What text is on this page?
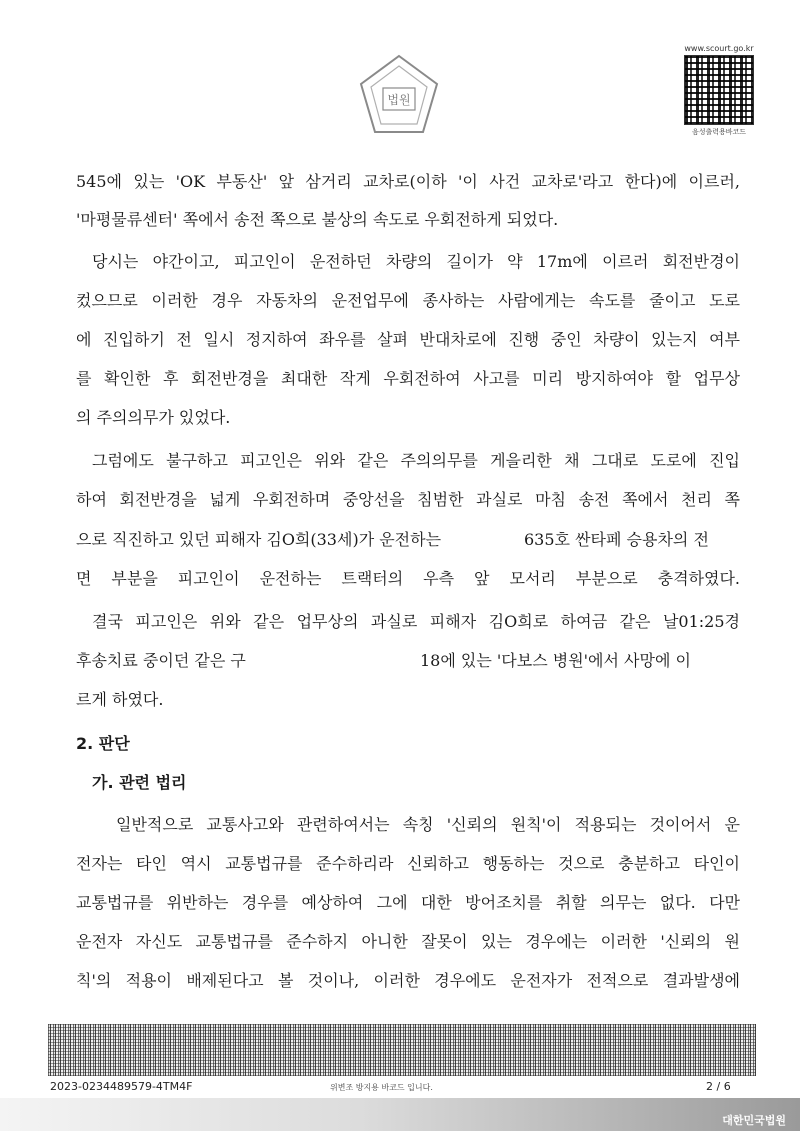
법원
www.scourt.go.kr
음성출력용바코드
545에 있는 'OK 부동산' 앞 삼거리 교차로(이하 '이 사건 교차로'라고 한다)에 이르러,
'마평물류센터' 쪽에서 송전 쪽으로 불상의 속도로 우회전하게 되었다.
당시는 야간이고, 피고인이 운전하던 차량의 길이가 약 17m에 이르러 회전반경이
컸으므로 이러한 경우 자동차의 운전업무에 종사하는 사람에게는 속도를 줄이고 도로
에 진입하기 전 일시 정지하여 좌우를 살펴 반대차로에 진행 중인 차량이 있는지 여부
를 확인한 후 회전반경을 최대한 작게 우회전하여 사고를 미리 방지하여야 할 업무상
의 주의의무가 있었다.
그럼에도 불구하고 피고인은 위와 같은 주의의무를 게을리한 채 그대로 도로에 진입
하여 회전반경을 넓게 우회전하며 중앙선을 침범한 과실로 마침 송전 쪽에서 천리 쪽
으로 직진하고 있던 피해자 김O희(33세)가 운전하는	635호 싼타페 승용차의 전
면 부분을 피고인이 운전하는 트랙터의 우측 앞 모서리 부분으로 충격하였다.
결국 피고인은 위와 같은 업무상의 과실로 피해자 김O희로 하여금 같은 날01:25경
후송치료 중이던 같은 구	18에 있는 '다보스 병원'에서 사망에 이
르게 하였다.
2. 판단
가. 관련 법리
일반적으로 교통사고와 관련하여서는 속칭 '신뢰의 원칙'이 적용되는 것이어서 운
전자는 타인 역시 교통법규를 준수하리라 신뢰하고 행동하는 것으로 충분하고 타인이
교통법규를 위반하는 경우를 예상하여 그에 대한 방어조치를 취할 의무는 없다. 다만
운전자 자신도 교통법규를 준수하지 아니한 잘못이 있는 경우에는 이러한 '신뢰의 원
칙'의 적용이 배제된다고 볼 것이나, 이러한 경우에도 운전자가 전적으로 결과발생에
2023-0234489579-4TM4F	위변조 방지용 바코드 입니다.	2 / 6
대한민국법원
